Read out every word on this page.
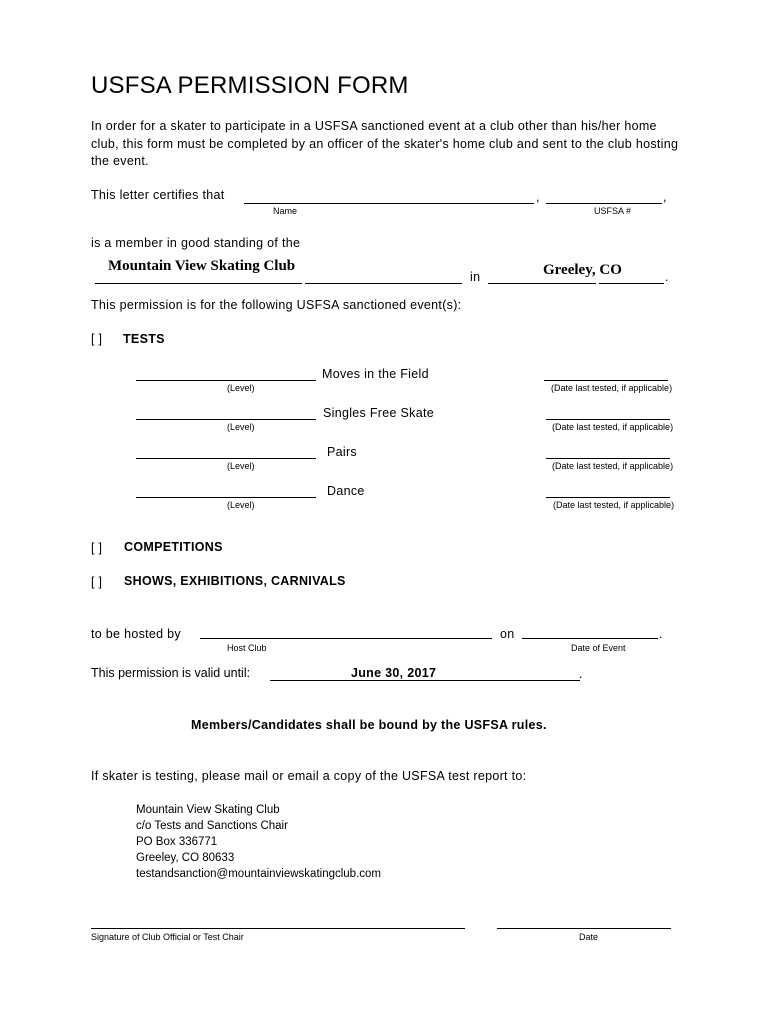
USFSA PERMISSION FORM
In order for a skater to participate in a USFSA sanctioned event at a club other than his/her home club, this form must be completed by an officer of the skater's home club and sent to the club hosting the event.
This letter certifies that	,	,
Name	USFSA #
is a member in good standing of the
Mountain View Skating Club
in	Greeley, CO	.
This permission is for the following USFSA sanctioned event(s):
[ ] TESTS
Moves in the Field
(Level)	(Date last tested, if applicable)
Singles Free Skate
(Level)	(Date last tested, if applicable)
Pairs
(Level)	(Date last tested, if applicable)
Dance
(Level)	(Date last tested, if applicable)
[ ] COMPETITIONS
[ ] SHOWS, EXHIBITIONS, CARNIVALS
to be hosted by	on	.
Host Club	Date of Event
This permission is valid until:	June 30, 2017	.
Members/Candidates shall be bound by the USFSA rules.
If skater is testing, please mail or email a copy of the USFSA test report to:
Mountain View Skating Club
c/o Tests and Sanctions Chair
PO Box 336771
Greeley, CO 80633
testandsanction@mountainviewskatingclub.com
Signature of Club Official or Test Chair	Date
